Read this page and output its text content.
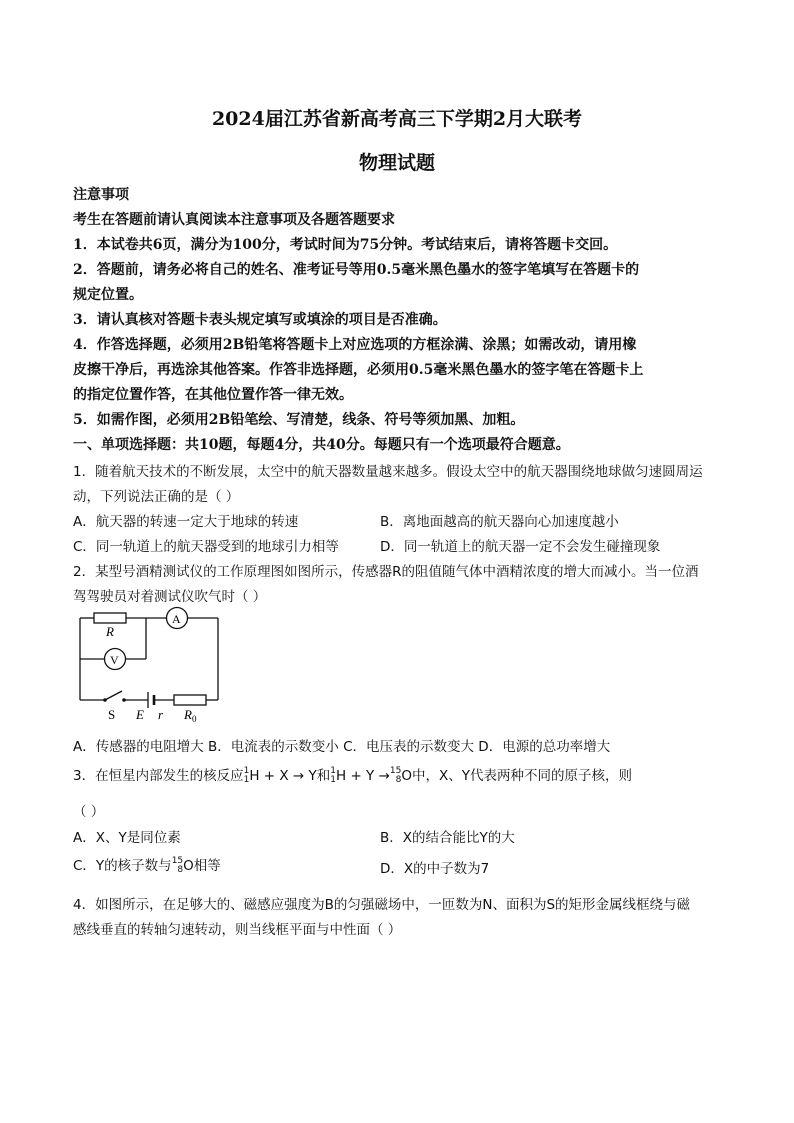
2024届江苏省新高考高三下学期2月大联考
物理试题
注意事项
考生在答题前请认真阅读本注意事项及各题答题要求
1．本试卷共6页，满分为100分，考试时间为75分钟。考试结束后，请将答题卡交回。
2．答题前，请务必将自己的姓名、准考证号等用0.5毫米黑色墨水的签字笔填写在答题卡的
规定位置。
3．请认真核对答题卡表头规定填写或填涂的项目是否准确。
4．作答选择题，必须用2B铅笔将答题卡上对应选项的方框涂满、涂黑；如需改动，请用橡
皮擦干净后，再选涂其他答案。作答非选择题，必须用0.5毫米黑色墨水的签字笔在答题卡上
的指定位置作答，在其他位置作答一律无效。
5．如需作图，必须用2B铅笔绘、写清楚，线条、符号等须加黑、加粗。
一、单项选择题：共10题，每题4分，共40分。每题只有一个选项最符合题意。
1．随着航天技术的不断发展，太空中的航天器数量越来越多。假设太空中的航天器围绕地球做匀速圆周运
动，下列说法正确的是（ ）
A．航天器的转速一定大于地球的转速	B．离地面越高的航天器向心加速度越小
C．同一轨道上的航天器受到的地球引力相等	D．同一轨道上的航天器一定不会发生碰撞现象
2．某型号酒精测试仪的工作原理图如图所示，传感器R的阻值随气体中酒精浓度的增大而减小。当一位酒
驾驾驶员对着测试仪吹气时（ ）
R
A
V
S E r $R_0$
A．传感器的电阻增大 B．电流表的示数变小 C．电压表的示数变大 D．电源的总功率增大
3．在恒星内部发生的核反应1
1H + X → Y和1
1H + Y →15
8O中，X、Y代表两种不同的原子核，则
（ ）
A．X、Y是同位素	B．X的结合能比Y的大
C．Y的核子数与15
8O相等	D．X的中子数为7
4．如图所示，在足够大的、磁感应强度为B的匀强磁场中，一匝数为N、面积为S的矩形金属线框绕与磁
感线垂直的转轴匀速转动，则当线框平面与中性面（ ）
